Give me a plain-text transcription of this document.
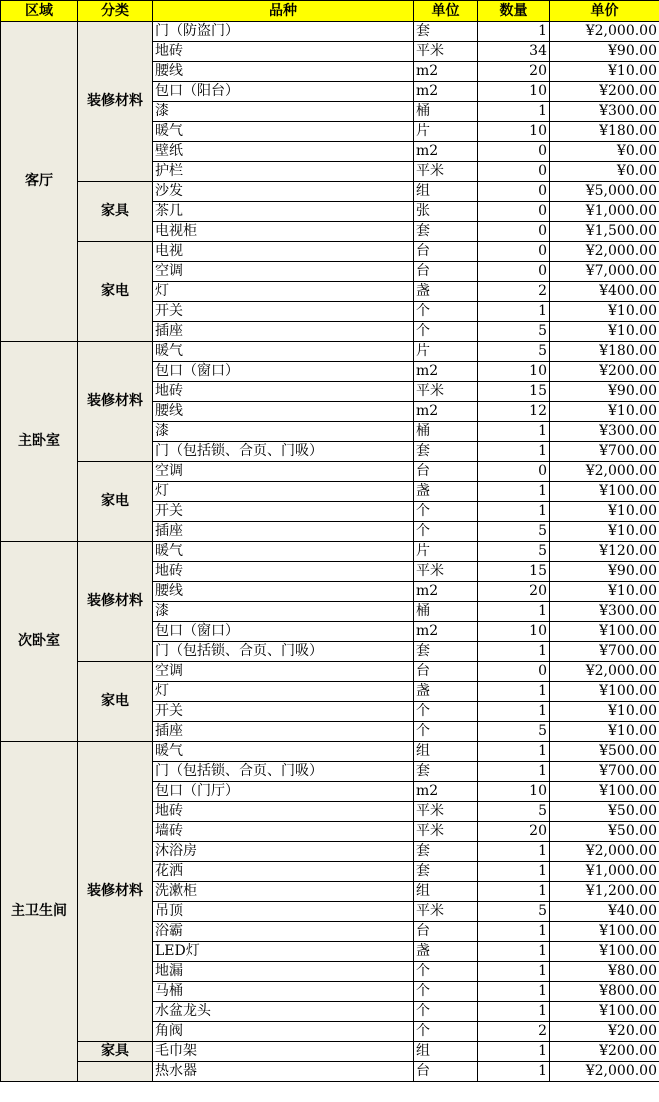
区域	分类	品种	单位	数量	单价
客厅	装修材料	门（防盗门）	套	1	¥2,000.00
		地砖	平米	34	¥90.00
		腰线	m2	20	¥10.00
		包口（阳台）	m2	10	¥200.00
		漆	桶	1	¥300.00
		暖气	片	10	¥180.00
		壁纸	m2	0	¥0.00
		护栏	平米	0	¥0.00
	家具	沙发	组	0	¥5,000.00
		茶几	张	0	¥1,000.00
		电视柜	套	0	¥1,500.00
	家电	电视	台	0	¥2,000.00
		空调	台	0	¥7,000.00
		灯	盏	2	¥400.00
		开关	个	1	¥10.00
		插座	个	5	¥10.00
主卧室	装修材料	暖气	片	5	¥180.00
		包口（窗口）	m2	10	¥200.00
		地砖	平米	15	¥90.00
		腰线	m2	12	¥10.00
		漆	桶	1	¥300.00
		门（包括锁、合页、门吸）	套	1	¥700.00
	家电	空调	台	0	¥2,000.00
		灯	盏	1	¥100.00
		开关	个	1	¥10.00
		插座	个	5	¥10.00
次卧室	装修材料	暖气	片	5	¥120.00
		地砖	平米	15	¥90.00
		腰线	m2	20	¥10.00
		漆	桶	1	¥300.00
		包口（窗口）	m2	10	¥100.00
		门（包括锁、合页、门吸）	套	1	¥700.00
	家电	空调	台	0	¥2,000.00
		灯	盏	1	¥100.00
		开关	个	1	¥10.00
		插座	个	5	¥10.00
主卫生间	装修材料	暖气	组	1	¥500.00
		门（包括锁、合页、门吸）	套	1	¥700.00
		包口（门厅）	m2	10	¥100.00
		地砖	平米	5	¥50.00
		墙砖	平米	20	¥50.00
		沐浴房	套	1	¥2,000.00
		花洒	套	1	¥1,000.00
		洗漱柜	组	1	¥1,200.00
		吊顶	平米	5	¥40.00
		浴霸	台	1	¥100.00
		LED灯	盏	1	¥100.00
		地漏	个	1	¥80.00
		马桶	个	1	¥800.00
		水盆龙头	个	1	¥100.00
		角阀	个	2	¥20.00
	家具	毛巾架	组	1	¥200.00
		热水器	台	1	¥2,000.00
